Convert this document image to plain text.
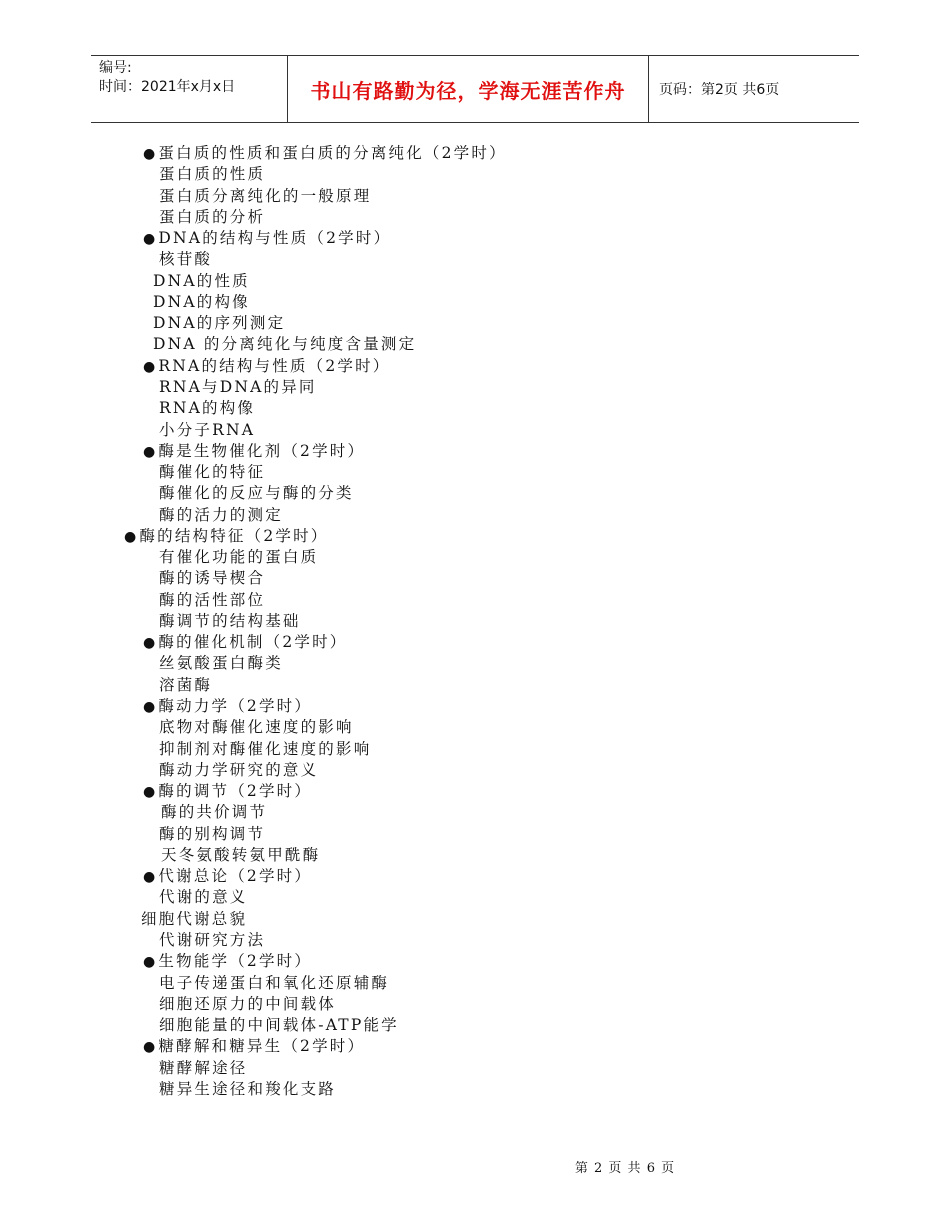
编号:
时间：2021年x月x日	书山有路勤为径，学海无涯苦作舟 页码：第2页 共6页
●蛋白质的性质和蛋白质的分离纯化（2学时）
蛋白质的性质
蛋白质分离纯化的一般原理
蛋白质的分析
●DNA的结构与性质（2学时）
核苷酸
DNA的性质
DNA的构像
DNA的序列测定
DNA 的分离纯化与纯度含量测定
●RNA的结构与性质（2学时）
RNA与DNA的异同
RNA的构像
小分子RNA
●酶是生物催化剂（2学时）
酶催化的特征
酶催化的反应与酶的分类
酶的活力的测定
●酶的结构特征（2学时）
有催化功能的蛋白质
酶的诱导楔合
酶的活性部位
酶调节的结构基础
●酶的催化机制（2学时）
丝氨酸蛋白酶类
溶菌酶
●酶动力学（2学时）
底物对酶催化速度的影响
抑制剂对酶催化速度的影响
酶动力学研究的意义
●酶的调节（2学时）
酶的共价调节
酶的别构调节
天冬氨酸转氨甲酰酶
●代谢总论（2学时）
代谢的意义
细胞代谢总貌
代谢研究方法
●生物能学（2学时）
电子传递蛋白和氧化还原辅酶
细胞还原力的中间载体
细胞能量的中间载体-ATP能学
●糖酵解和糖异生（2学时）
糖酵解途径
糖异生途径和羧化支路
第 2 页 共 6 页
